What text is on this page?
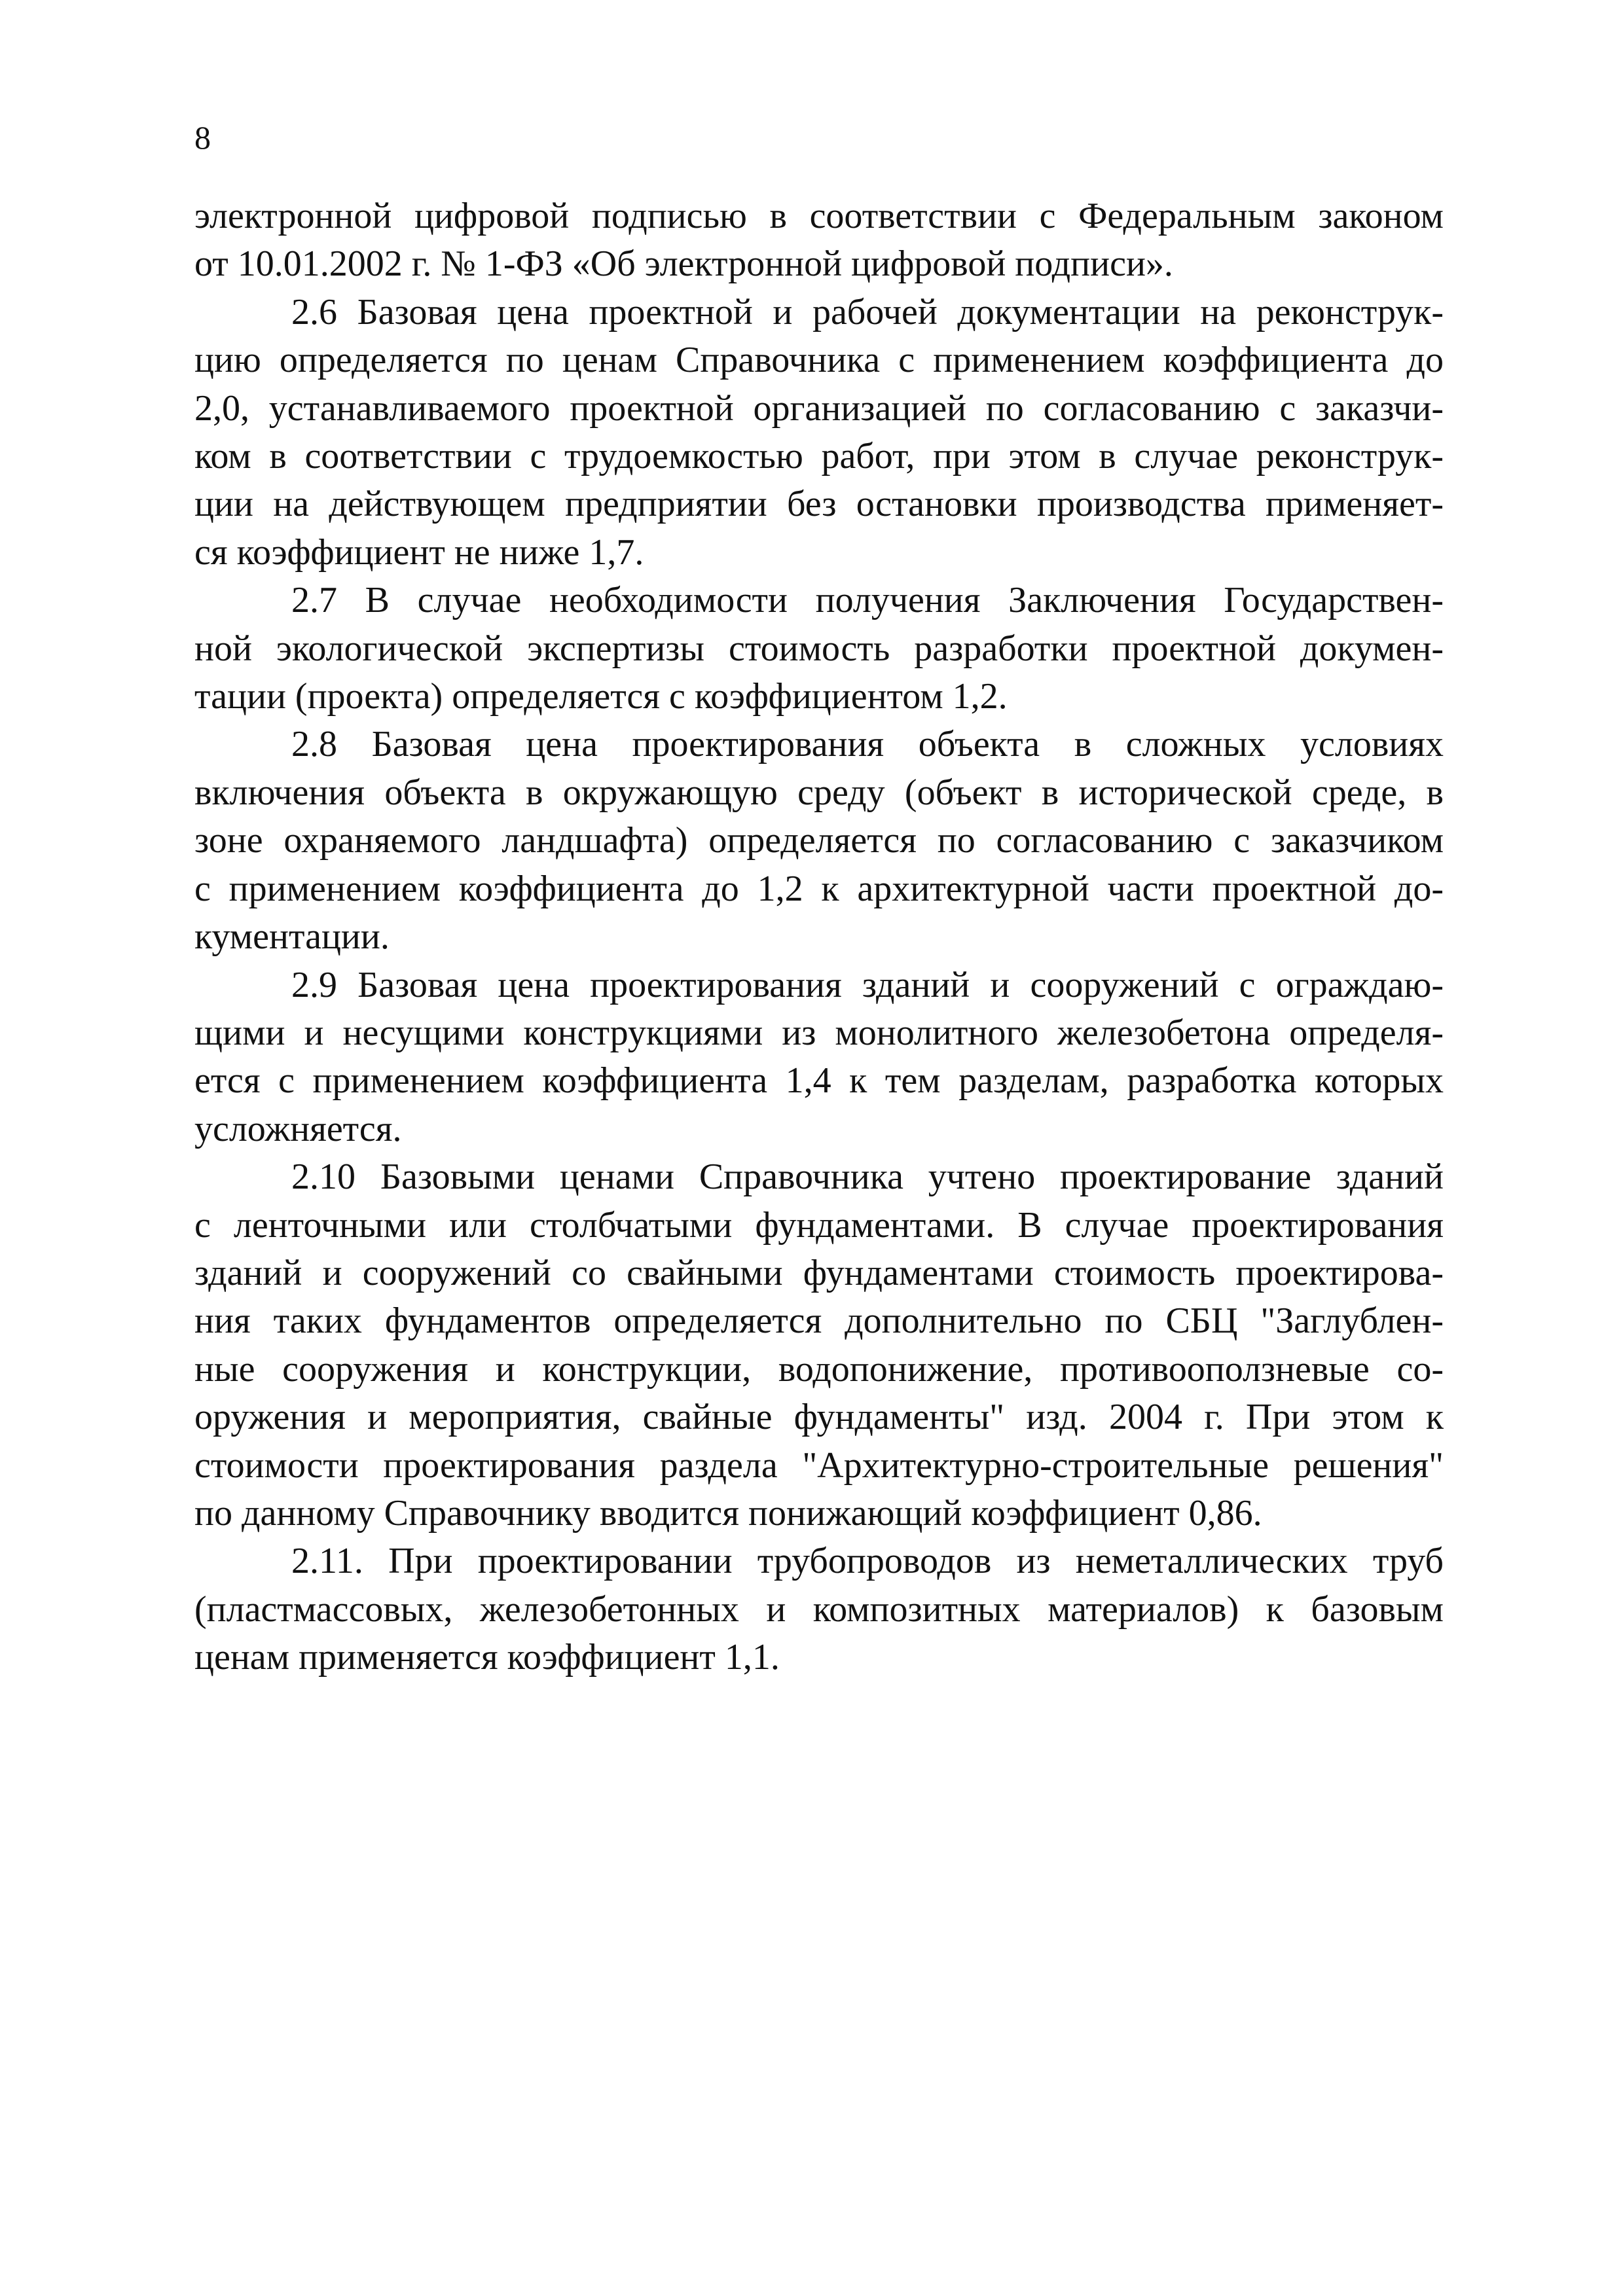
8

электронной цифровой подписью в соответствии с Федеральным законом
от 10.01.2002 г. № 1-ФЗ «Об электронной цифровой подписи».

2.6 Базовая цена проектной и рабочей документации на реконструк-
цию определяется по ценам Справочника с применением коэффициента до
2,0, устанавливаемого проектной организацией по согласованию с заказчи-
ком в соответствии с трудоемкостью работ, при этом в случае реконструк-
ции на действующем предприятии без остановки производства применяет-
ся коэффициент не ниже 1,7.

2.7 В случае необходимости получения Заключения Государствен-
ной экологической экспертизы стоимость разработки проектной докумен-
тации (проекта) определяется с коэффициентом 1,2.

2.8 Базовая цена проектирования объекта в сложных условиях
включения объекта в окружающую среду (объект в исторической среде, в
зоне охраняемого ландшафта) определяется по согласованию с заказчиком
с применением коэффициента до 1,2 к архитектурной части проектной до-
кументации.

2.9 Базовая цена проектирования зданий и сооружений с ограждаю-
щими и несущими конструкциями из монолитного железобетона определя-
ется с применением коэффициента 1,4 к тем разделам, разработка которых
усложняется.

2.10 Базовыми ценами Справочника учтено проектирование зданий
с ленточными или столбчатыми фундаментами. В случае проектирования
зданий и сооружений со свайными фундаментами стоимость проектирова-
ния таких фундаментов определяется дополнительно по СБЦ "Заглублен-
ные сооружения и конструкции, водопонижение, противооползневые со-
оружения и мероприятия, свайные фундаменты" изд. 2004 г. При этом к
стоимости проектирования раздела "Архитектурно-строительные решения"
по данному Справочнику вводится понижающий коэффициент 0,86.

2.11. При проектировании трубопроводов из неметаллических труб
(пластмассовых, железобетонных и композитных материалов) к базовым
ценам применяется коэффициент 1,1.
